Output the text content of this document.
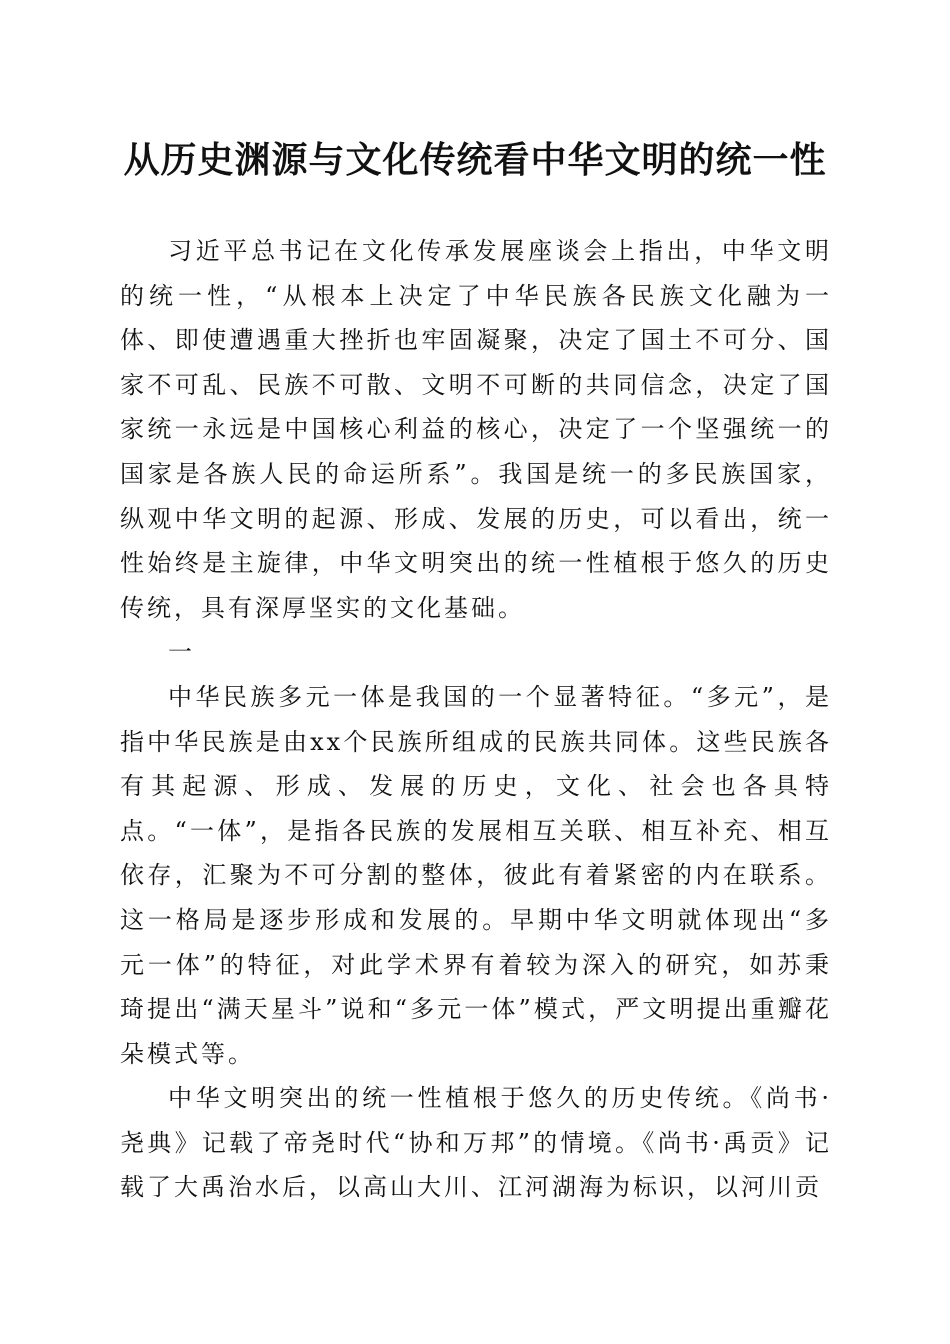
从历史渊源与文化传统看中华文明的统一性

习近平总书记在文化传承发展座谈会上指出，中华文明的统一性，“从根本上决定了中华民族各民族文化融为一体、即使遭遇重大挫折也牢固凝聚，决定了国土不可分、国家不可乱、民族不可散、文明不可断的共同信念，决定了国家统一永远是中国核心利益的核心，决定了一个坚强统一的国家是各族人民的命运所系”。我国是统一的多民族国家，纵观中华文明的起源、形成、发展的历史，可以看出，统一性始终是主旋律，中华文明突出的统一性植根于悠久的历史传统，具有深厚坚实的文化基础。

一

中华民族多元一体是我国的一个显著特征。“多元”，是指中华民族是由xx个民族所组成的民族共同体。这些民族各有其起源、形成、发展的历史，文化、社会也各具特点。“一体”，是指各民族的发展相互关联、相互补充、相互依存，汇聚为不可分割的整体，彼此有着紧密的内在联系。这一格局是逐步形成和发展的。早期中华文明就体现出“多元一体”的特征，对此学术界有着较为深入的研究，如苏秉琦提出“满天星斗”说和“多元一体”模式，严文明提出重瓣花朵模式等。

中华文明突出的统一性植根于悠久的历史传统。《尚书·尧典》记载了帝尧时代“协和万邦”的情境。《尚书·禹贡》记载了大禹治水后，以高山大川、江河湖海为标识，以河川贡
